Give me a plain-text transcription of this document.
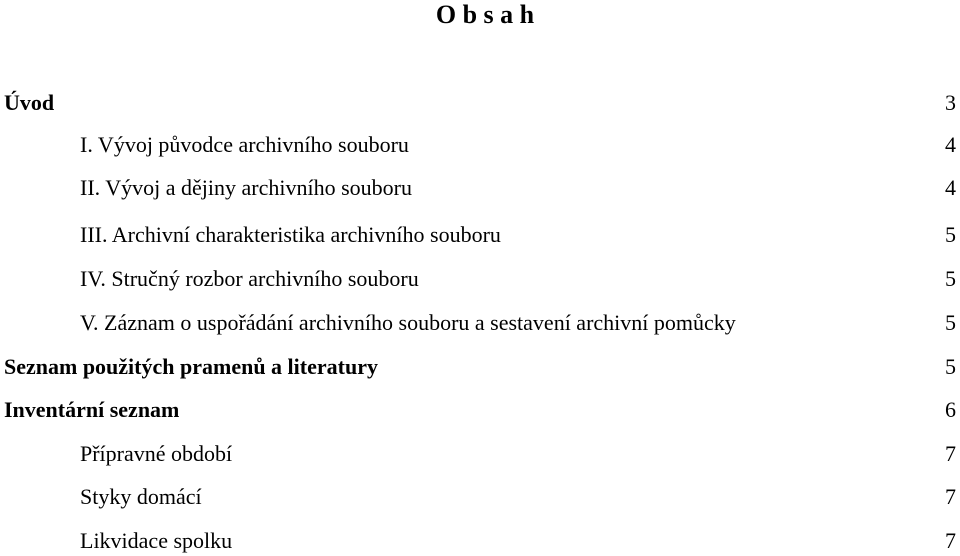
O b s a h
Úvod	3
I. Vývoj původce archivního souboru	4
II. Vývoj a dějiny archivního souboru	4
III. Archivní charakteristika archivního souboru	5
IV. Stručný rozbor archivního souboru	5
V. Záznam o uspořádání archivního souboru a sestavení archivní pomůcky	5
Seznam použitých pramenů a literatury	5
Inventární seznam	6
Přípravné období	7
Styky domácí	7
Likvidace spolku	7
